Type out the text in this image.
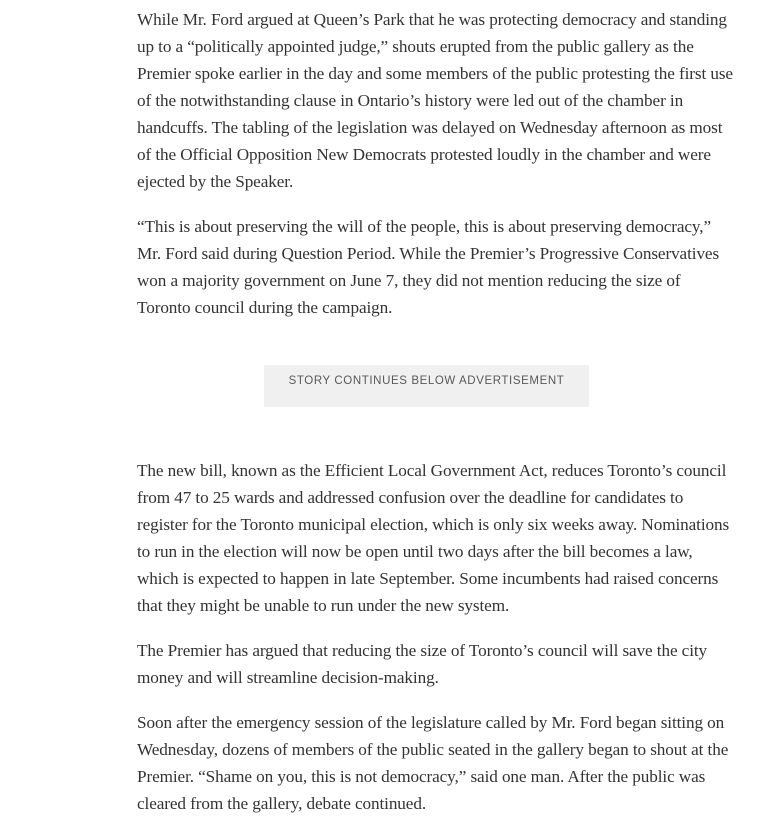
While Mr. Ford argued at Queen’s Park that he was protecting democracy and standing up to a “politically appointed judge,” shouts erupted from the public gallery as the Premier spoke earlier in the day and some members of the public protesting the first use of the notwithstanding clause in Ontario’s history were led out of the chamber in handcuffs. The tabling of the legislation was delayed on Wednesday afternoon as most of the Official Opposition New Democrats protested loudly in the chamber and were ejected by the Speaker.

“This is about preserving the will of the people, this is about preserving democracy,” Mr. Ford said during Question Period. While the Premier’s Progressive Conservatives won a majority government on June 7, they did not mention reducing the size of Toronto council during the campaign.

STORY CONTINUES BELOW ADVERTISEMENT

The new bill, known as the Efficient Local Government Act, reduces Toronto’s council from 47 to 25 wards and addressed confusion over the deadline for candidates to register for the Toronto municipal election, which is only six weeks away. Nominations to run in the election will now be open until two days after the bill becomes a law, which is expected to happen in late September. Some incumbents had raised concerns that they might be unable to run under the new system.

The Premier has argued that reducing the size of Toronto’s council will save the city money and will streamline decision-making.

Soon after the emergency session of the legislature called by Mr. Ford began sitting on Wednesday, dozens of members of the public seated in the gallery began to shout at the Premier. “Shame on you, this is not democracy,” said one man. After the public was cleared from the gallery, debate continued.
